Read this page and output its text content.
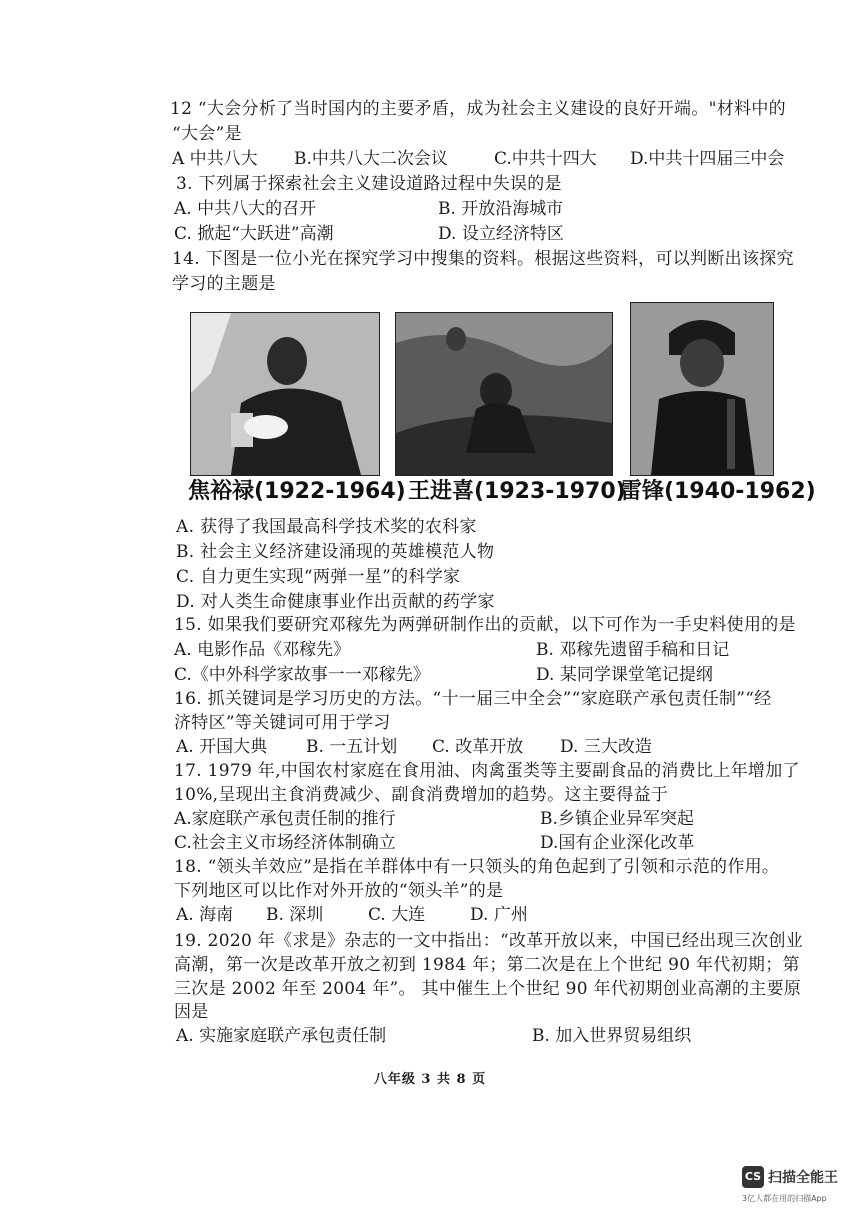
12 “大会分析了当时国内的主要矛盾，成为社会主义建设的良好开端。"材料中的
“大会”是
A 中共八大 B.中共八大二次会议	C.中共十四大 D.中共十四届三中会
3. 下列属于探索社会主义建设道路过程中失误的是
A. 中共八大的召开	B. 开放沿海城市
C. 掀起“大跃进”高潮	D. 设立经济特区
14. 下图是一位小光在探究学习中搜集的资料。根据这些资料，可以判断出该探究
学习的主题是
焦裕禄(1922-1964) 王进喜(1923-1970)
雷锋(1940-1962)
A. 获得了我国最高科学技术奖的农科家
B. 社会主义经济建设涌现的英雄模范人物
C. 自力更生实现“两弹一星”的科学家
D. 对人类生命健康事业作出贡献的药学家
15. 如果我们要研究邓稼先为两弹研制作出的贡献，以下可作为一手史料使用的是
A. 电影作品《邓稼先》	B. 邓稼先遗留手稿和日记
C.《中外科学家故事一一邓稼先》	D. 某同学课堂笔记提纲
16. 抓关键词是学习历史的方法。“十一届三中全会”“家庭联产承包责任制”“经
济特区”等关键词可用于学习
A. 开国大典 B. 一五计划 C. 改革开放 D. 三大改造
17. 1979 年,中国农村家庭在食用油、肉禽蛋类等主要副食品的消费比上年增加了
10%,呈现出主食消费减少、副食消费增加的趋势。这主要得益于
A.家庭联产承包责任制的推行	B.乡镇企业异军突起
C.社会主义市场经济体制确立	D.国有企业深化改革
18. “领头羊效应”是指在羊群体中有一只领头的角色起到了引领和示范的作用。
下列地区可以比作对外开放的“领头羊”的是
A. 海南 B. 深圳	C. 大连	D. 广州
19. 2020 年《求是》杂志的一文中指出：“改革开放以来，中国已经出现三次创业
高潮，第一次是改革开放之初到 1984 年；第二次是在上个世纪 90 年代初期；第
三次是 2002 年至 2004 年”。 其中催生上个世纪 90 年代初期创业高潮的主要原
因是
A. 实施家庭联产承包责任制	B. 加入世界贸易组织
八年级 3 共 8 页
CS 扫描全能王
3亿人都在用的扫描App
